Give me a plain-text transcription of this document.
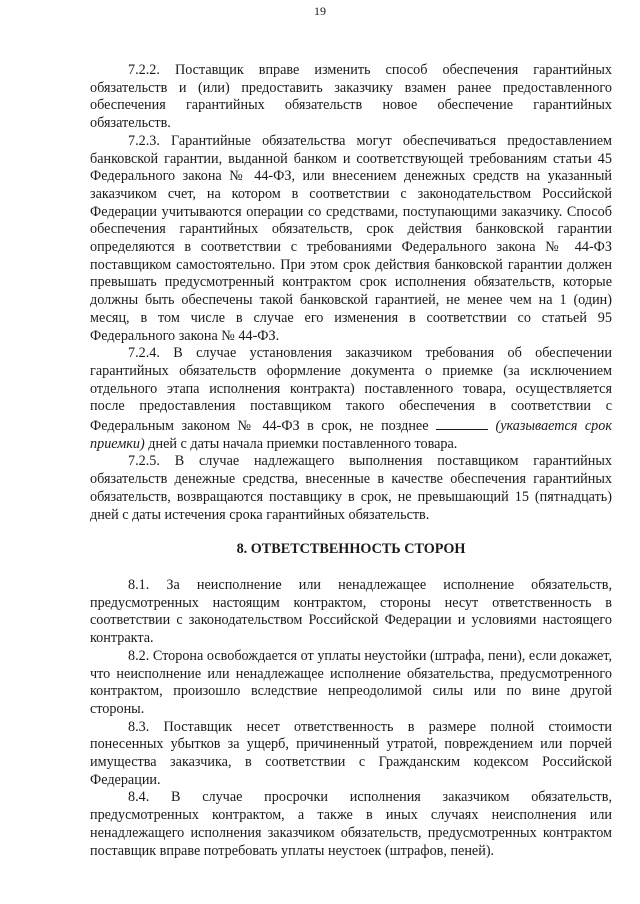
19

7.2.2. Поставщик вправе изменить способ обеспечения гарантийных обязательств и (или) предоставить заказчику взамен ранее предоставленного обеспечения гарантийных обязательств новое обеспечение гарантийных обязательств.

7.2.3. Гарантийные обязательства могут обеспечиваться предоставлением банковской гарантии, выданной банком и соответствующей требованиям статьи 45 Федерального закона № 44-ФЗ, или внесением денежных средств на указанный заказчиком счет, на котором в соответствии с законодательством Российской Федерации учитываются операции со средствами, поступающими заказчику. Способ обеспечения гарантийных обязательств, срок действия банковской гарантии определяются в соответствии с требованиями Федерального закона № 44-ФЗ поставщиком самостоятельно. При этом срок действия банковской гарантии должен превышать предусмотренный контрактом срок исполнения обязательств, которые должны быть обеспечены такой банковской гарантией, не менее чем на 1 (один) месяц, в том числе в случае его изменения в соответствии со статьей 95 Федерального закона № 44-ФЗ.

7.2.4. В случае установления заказчиком требования об обеспечении гарантийных обязательств оформление документа о приемке (за исключением отдельного этапа исполнения контракта) поставленного товара, осуществляется после предоставления поставщиком такого обеспечения в соответствии с Федеральным законом № 44-ФЗ в срок, не позднее	(указывается срок приемки) дней с даты начала приемки поставленного товара.

7.2.5. В случае надлежащего выполнения поставщиком гарантийных обязательств денежные средства, внесенные в качестве обеспечения гарантийных обязательств, возвращаются поставщику в срок, не превышающий 15 (пятнадцать) дней с даты истечения срока гарантийных обязательств.

8. ОТВЕТСТВЕННОСТЬ СТОРОН

8.1. За неисполнение или ненадлежащее исполнение обязательств, предусмотренных настоящим контрактом, стороны несут ответственность в соответствии с законодательством Российской Федерации и условиями настоящего контракта.

8.2. Сторона освобождается от уплаты неустойки (штрафа, пени), если докажет, что неисполнение или ненадлежащее исполнение обязательства, предусмотренного контрактом, произошло вследствие непреодолимой силы или по вине другой стороны.

8.3. Поставщик несет ответственность в размере полной стоимости понесенных убытков за ущерб, причиненный утратой, повреждением или порчей имущества заказчика, в соответствии с Гражданским кодексом Российской Федерации.

8.4. В случае просрочки исполнения заказчиком обязательств, предусмотренных контрактом, а также в иных случаях неисполнения или ненадлежащего исполнения заказчиком обязательств, предусмотренных контрактом поставщик вправе потребовать уплаты неустоек (штрафов, пеней).
